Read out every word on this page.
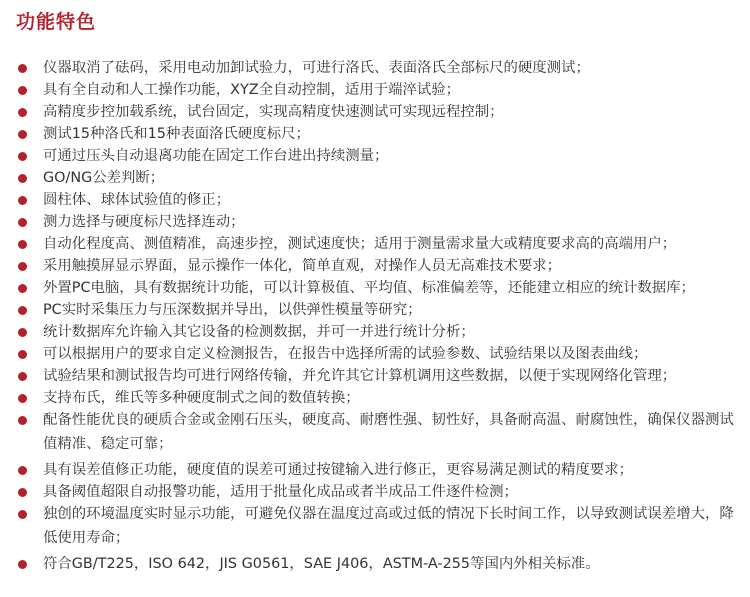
功能特色
仪器取消了砝码，采用电动加卸试验力，可进行洛氏、表面洛氏全部标尺的硬度测试；
具有全自动和人工操作功能，XYZ全自动控制，适用于端淬试验；
高精度步控加载系统，试台固定，实现高精度快速测试可实现远程控制；
测试15种洛氏和15种表面洛氏硬度标尺；
可通过压头自动退离功能在固定工作台进出持续测量；
GO/NG公差判断；
圆柱体、球体试验值的修正；
测力选择与硬度标尺选择连动；
自动化程度高、测值精准，高速步控，测试速度快；适用于测量需求量大或精度要求高的高端用户；
采用触摸屏显示界面，显示操作一体化，简单直观，对操作人员无高难技术要求；
外置PC电脑，具有数据统计功能，可以计算极值、平均值、标准偏差等，还能建立相应的统计数据库；
PC实时采集压力与压深数据并导出，以供弹性模量等研究；
统计数据库允许输入其它设备的检测数据，并可一并进行统计分析；
可以根据用户的要求自定义检测报告，在报告中选择所需的试验参数、试验结果以及图表曲线；
试验结果和测试报告均可进行网络传输，并允许其它计算机调用这些数据，以便于实现网络化管理；
支持布氏，维氏等多种硬度制式之间的数值转换；
配备性能优良的硬质合金或金刚石压头，硬度高、耐磨性强、韧性好，具备耐高温、耐腐蚀性，确保仪器测试值精准、稳定可靠；
具有误差值修正功能，硬度值的误差可通过按键输入进行修正，更容易满足测试的精度要求；
具备阈值超限自动报警功能，适用于批量化成品或者半成品工件逐件检测；
独创的环境温度实时显示功能，可避免仪器在温度过高或过低的情况下长时间工作，以导致测试误差增大，降低使用寿命；
符合GB/T225，ISO 642，JIS G0561，SAE J406，ASTM-A-255等国内外相关标准。
